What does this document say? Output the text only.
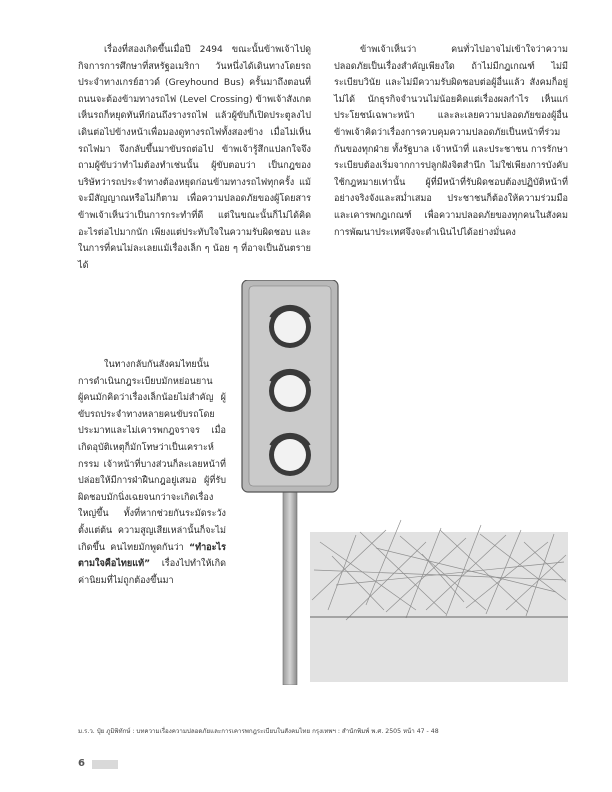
เรื่องที่สองเกิดขึ้นเมื่อปี 2494 ขณะนั้นข้าพเจ้าไปดูกิจการการศึกษาที่สหรัฐอเมริกา วันหนึ่งได้เดินทางโดยรถประจำทางเกรย์ฮาวด์ (Greyhound Bus) ครั้นมาถึงตอนที่ถนนจะต้องข้ามทางรถไฟ (Level Crossing) ข้าพเจ้าสังเกตเห็นรถก็หยุดทันทีก่อนถึงรางรถไฟ แล้วผู้ขับก็เปิดประตูลงไปเดินต่อไปข้างหน้าเพื่อมองดูทางรถไฟทั้งสองข้าง เมื่อไม่เห็นรถไฟมา จึงกลับขึ้นมาขับรถต่อไป ข้าพเจ้ารู้สึกแปลกใจจึงถามผู้ขับว่าทำไมต้องทำเช่นนั้น ผู้ขับตอบว่า เป็นกฎของบริษัทว่ารถประจำทางต้องหยุดก่อนข้ามทางรถไฟทุกครั้ง แม้จะมีสัญญาณหรือไม่ก็ตาม เพื่อความปลอดภัยของผู้โดยสาร ข้าพเจ้าเห็นว่าเป็นการกระทำที่ดี แต่ในขณะนั้นก็ไม่ได้คิดอะไรต่อไปมากนัก เพียงแต่ประทับใจในความรับผิดชอบ และในการที่คนไม่ละเลยแม้เรื่องเล็ก ๆ น้อย ๆ ที่อาจเป็นอันตรายได้

ข้าพเจ้าเห็นว่า คนทั่วไปอาจไม่เข้าใจว่าความปลอดภัยเป็นเรื่องสำคัญเพียงใด ถ้าไม่มีกฎเกณฑ์ ไม่มีระเบียบวินัย และไม่มีความรับผิดชอบต่อผู้อื่นแล้ว สังคมก็อยู่ไม่ได้ นักธุรกิจจำนวนไม่น้อยคิดแต่เรื่องผลกำไร เห็นแก่ประโยชน์เฉพาะหน้า และละเลยความปลอดภัยของผู้อื่น ข้าพเจ้าคิดว่าเรื่องการควบคุมความปลอดภัยเป็นหน้าที่ร่วมกันของทุกฝ่าย ทั้งรัฐบาล เจ้าหน้าที่ และประชาชน การรักษาระเบียบต้องเริ่มจากการปลูกฝังจิตสำนึก ไม่ใช่เพียงการบังคับใช้กฎหมายเท่านั้น ผู้ที่มีหน้าที่รับผิดชอบต้องปฏิบัติหน้าที่อย่างจริงจังและสม่ำเสมอ ประชาชนก็ต้องให้ความร่วมมือและเคารพกฎเกณฑ์ เพื่อความปลอดภัยของทุกคนในสังคม การพัฒนาประเทศจึงจะดำเนินไปได้อย่างมั่นคง

ในทางกลับกันสังคมไทยนั้น การดำเนินกฎระเบียบมักหย่อนยาน ผู้คนมักคิดว่าเรื่องเล็กน้อยไม่สำคัญ ผู้ขับรถประจำทางหลายคนขับรถโดยประมาทและไม่เคารพกฎจราจร เมื่อเกิดอุบัติเหตุก็มักโทษว่าเป็นเคราะห์กรรม เจ้าหน้าที่บางส่วนก็ละเลยหน้าที่ ปล่อยให้มีการฝ่าฝืนกฎอยู่เสมอ ผู้ที่รับผิดชอบมักนิ่งเฉยจนกว่าจะเกิดเรื่องใหญ่ขึ้น ทั้งที่หากช่วยกันระมัดระวังตั้งแต่ต้น ความสูญเสียเหล่านั้นก็จะไม่เกิดขึ้น คนไทยมักพูดกันว่า “ทำอะไรตามใจคือไทยแท้” เรื่องไปทำให้เกิดค่านิยมที่ไม่ถูกต้องขึ้นมา

ม.ร.ว. ปุ๋ย ภูมิพิทักษ์ : บทความเรื่องความปลอดภัยและการเคารพกฎระเบียบในสังคมไทย กรุงเทพฯ : สำนักพิมพ์ พ.ศ. 2505 หน้า 47 - 48
6
